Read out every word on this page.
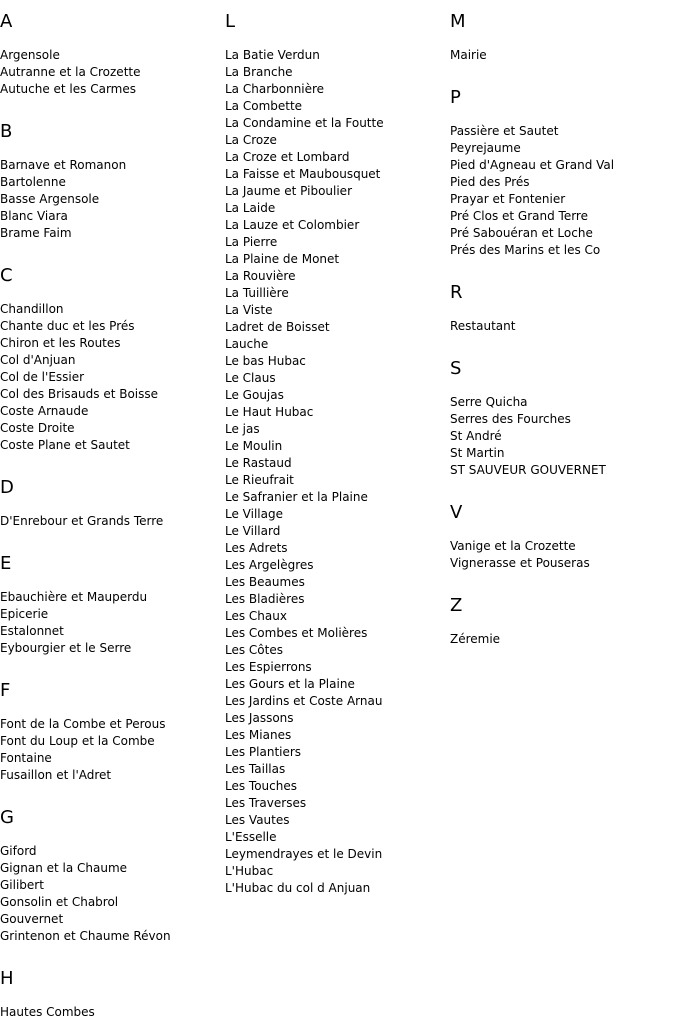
A
Argensole
Autranne et la Crozette
Autuche et les Carmes
B
Barnave et Romanon
Bartolenne
Basse Argensole
Blanc Viara
Brame Faim
C
Chandillon
Chante duc et les Prés
Chiron et les Routes
Col d'Anjuan
Col de l'Essier
Col des Brisauds et Boisse
Coste Arnaude
Coste Droite
Coste Plane et Sautet
D
D'Enrebour et Grands Terre
E
Ebauchière et Mauperdu
Epicerie
Estalonnet
Eybourgier et le Serre
F
Font de la Combe et Perous
Font du Loup et la Combe
Fontaine
Fusaillon et l'Adret
G
Giford
Gignan et la Chaume
Gilibert
Gonsolin et Chabrol
Gouvernet
Grintenon et Chaume Révon
H
Hautes Combes
L
La Batie Verdun
La Branche
La Charbonnière
La Combette
La Condamine et la Foutte
La Croze
La Croze et Lombard
La Faisse et Maubousquet
La Jaume et Piboulier
La Laide
La Lauze et Colombier
La Pierre
La Plaine de Monet
La Rouvière
La Tuillière
La Viste
Ladret de Boisset
Lauche
Le bas Hubac
Le Claus
Le Goujas
Le Haut Hubac
Le jas
Le Moulin
Le Rastaud
Le Rieufrait
Le Safranier et la Plaine
Le Village
Le Villard
Les Adrets
Les Argelègres
Les Beaumes
Les Bladières
Les Chaux
Les Combes et Molières
Les Côtes
Les Espierrons
Les Gours et la Plaine
Les Jardins et Coste Arnau
Les Jassons
Les Mianes
Les Plantiers
Les Taillas
Les Touches
Les Traverses
Les Vautes
L'Esselle
Leymendrayes et le Devin
L'Hubac
L'Hubac du col d Anjuan
M
Mairie
P
Passière et Sautet
Peyrejaume
Pied d'Agneau et Grand Val
Pied des Prés
Prayar et Fontenier
Pré Clos et Grand Terre
Pré Sabouéran et Loche
Prés des Marins et les Co
R
Restautant
S
Serre Quicha
Serres des Fourches
St André
St Martin
ST SAUVEUR GOUVERNET
V
Vanige et la Crozette
Vignerasse et Pouseras
Z
Zéremie
